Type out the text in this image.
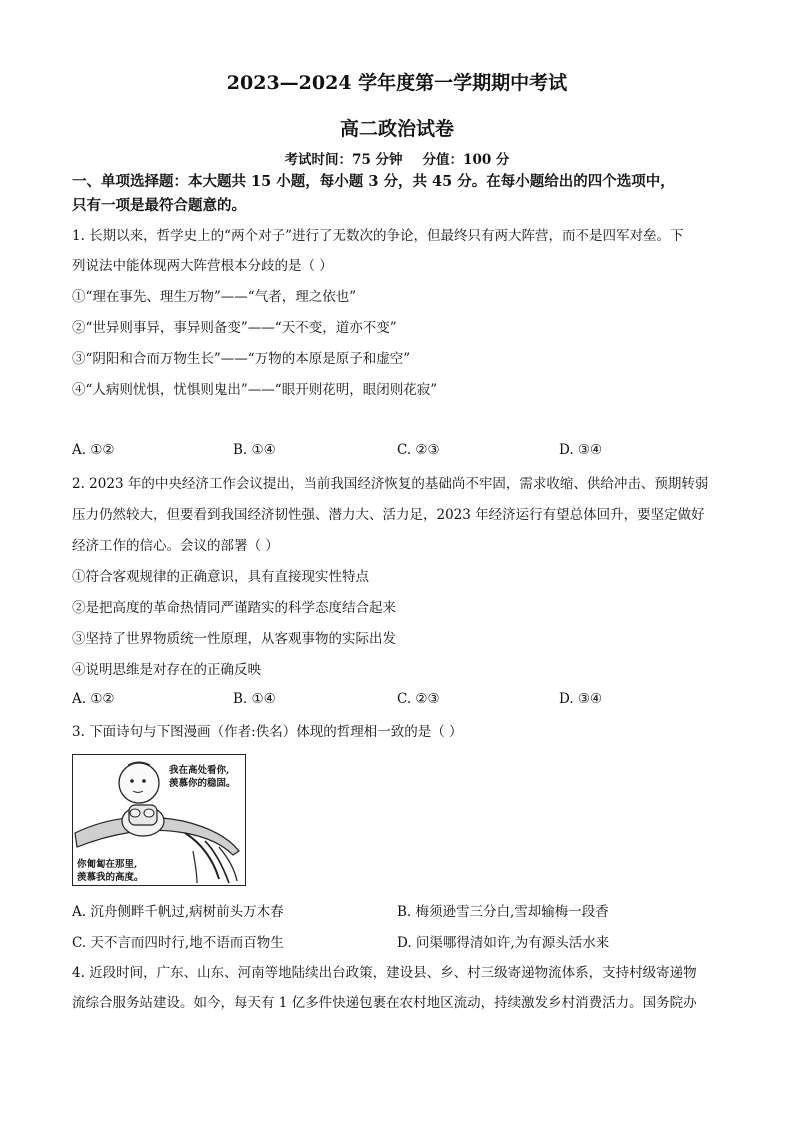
2023—2024 学年度第一学期期中考试
高二政治试卷
考试时间：75 分钟 分值：100 分
一、单项选择题：本大题共 15 小题，每小题 3 分，共 45 分。在每小题给出的四个选项中，
只有一项是最符合题意的。
1. 长期以来，哲学史上的“两个对子”进行了无数次的争论，但最终只有两大阵营，而不是四军对垒。下
列说法中能体现两大阵营根本分歧的是（ ）
①“理在事先、理生万物”——“气者，理之依也”
②“世异则事异，事异则备变”——“天不变，道亦不变”
③“阴阳和合而万物生长”——“万物的本原是原子和虚空”
④“人病则忧惧，忧惧则鬼出”——“眼开则花明，眼闭则花寂”
A. ①②	B. ①④	C. ②③	D. ③④
2. 2023 年的中央经济工作会议提出，当前我国经济恢复的基础尚不牢固，需求收缩、供给冲击、预期转弱
压力仍然较大，但要看到我国经济韧性强、潜力大、活力足，2023 年经济运行有望总体回升，要坚定做好
经济工作的信心。会议的部署（ ）
①符合客观规律的正确意识，具有直接现实性特点
②是把高度的革命热情同严谨踏实的科学态度结合起来
③坚持了世界物质统一性原理，从客观事物的实际出发
④说明思维是对存在的正确反映
A. ①②	B. ①④	C. ②③	D. ③④
3. 下面诗句与下图漫画（作者:佚名）体现的哲理相一致的是（ ）
我在高处看你,
羡慕你的稳固。
你匍匐在那里,
羡慕我的高度。
A. 沉舟侧畔千帆过,病树前头万木春	B. 梅须逊雪三分白,雪却输梅一段香
C. 天不言而四时行,地不语而百物生	D. 问渠哪得清如许,为有源头活水来
4. 近段时间，广东、山东、河南等地陆续出台政策，建设县、乡、村三级寄递物流体系，支持村级寄递物
流综合服务站建设。如今，每天有 1 亿多件快递包裹在农村地区流动，持续激发乡村消费活力。国务院办
